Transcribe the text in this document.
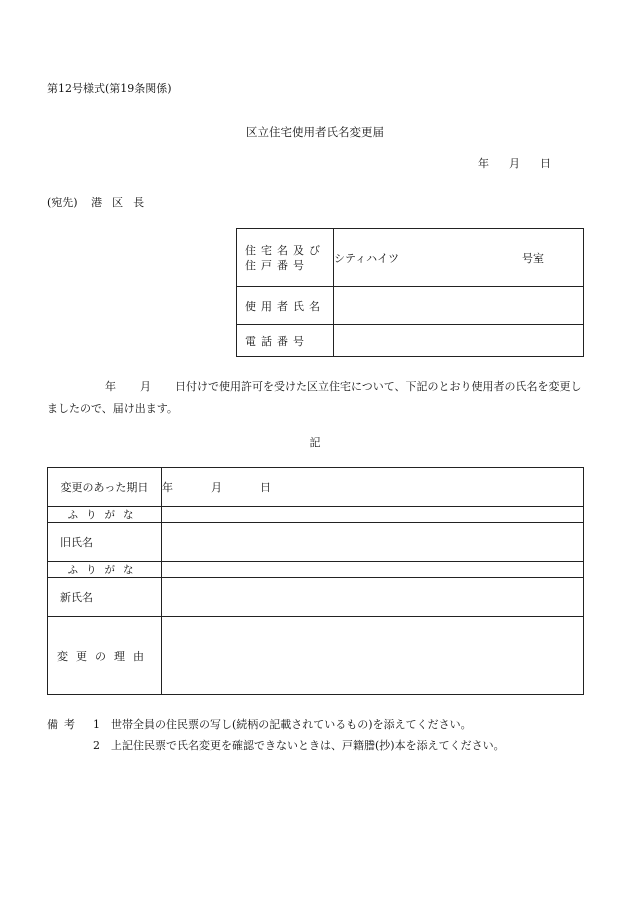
第12号様式(第19条関係)
区立住宅使用者氏名変更届
年 月 日
(宛先) 港 区 長
住宅名及び
住戸番号	シティハイツ 号室
使用者氏名	
電話番号	
年 月 日付けで使用許可を受けた区立住宅について、下記のとおり使用者の氏名を変更しましたので、届け出ます。
記
変更のあった期日	年 月 日
ふりがな	

旧氏名	

ふりがな	

新氏名	

変更の理由	
備考 1 世帯全員の住民票の写し(続柄の記載されているもの)を添えてください。
2 上記住民票で氏名変更を確認できないときは、戸籍謄(抄)本を添えてください。
